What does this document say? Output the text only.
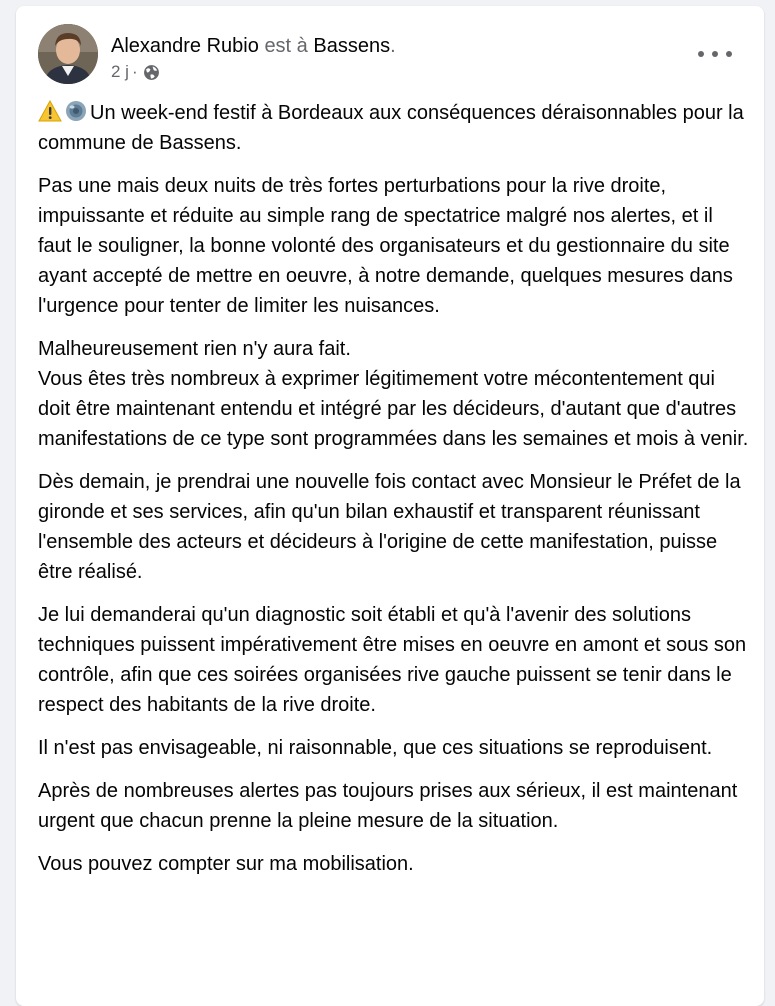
Alexandre Rubio est à Bassens.
2 j ·

Un week-end festif à Bordeaux aux conséquences déraisonnables pour la commune de Bassens.

Pas une mais deux nuits de très fortes perturbations pour la rive droite, impuissante et réduite au simple rang de spectatrice malgré nos alertes, et il faut le souligner, la bonne volonté des organisateurs et du gestionnaire du site ayant accepté de mettre en oeuvre, à notre demande, quelques mesures dans l'urgence pour tenter de limiter les nuisances.

Malheureusement rien n'y aura fait.
Vous êtes très nombreux à exprimer légitimement votre mécontentement qui doit être maintenant entendu et intégré par les décideurs, d'autant que d'autres manifestations de ce type sont programmées dans les semaines et mois à venir.

Dès demain, je prendrai une nouvelle fois contact avec Monsieur le Préfet de la gironde et ses services, afin qu'un bilan exhaustif et transparent réunissant l'ensemble des acteurs et décideurs à l'origine de cette manifestation, puisse être réalisé.

Je lui demanderai qu'un diagnostic soit établi et qu'à l'avenir des solutions techniques puissent impérativement être mises en oeuvre en amont et sous son contrôle, afin que ces soirées organisées rive gauche puissent se tenir dans le respect des habitants de la rive droite.

Il n'est pas envisageable, ni raisonnable, que ces situations se reproduisent.

Après de nombreuses alertes pas toujours prises aux sérieux, il est maintenant urgent que chacun prenne la pleine mesure de la situation.

Vous pouvez compter sur ma mobilisation.
